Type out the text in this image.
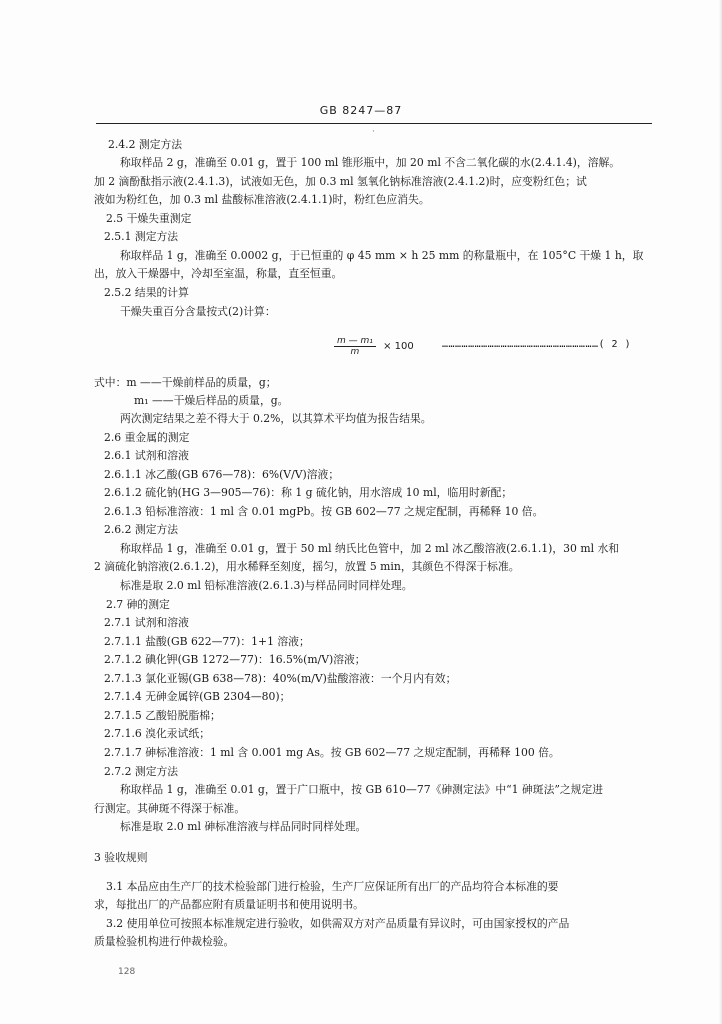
GB 8247—87
·
2.4.2 测定方法
称取样品 2 g，准确至 0.01 g，置于 100 ml 锥形瓶中，加 20 ml 不含二氧化碳的水(2.4.1.4)，溶解。
加 2 滴酚酞指示液(2.4.1.3)，试液如无色，加 0.3 ml 氢氧化钠标准溶液(2.4.1.2)时，应变粉红色；试
液如为粉红色，加 0.3 ml 盐酸标准溶液(2.4.1.1)时，粉红色应消失。
2.5 干燥失重测定
2.5.1 测定方法
称取样品 1 g，准确至 0.0002 g，于已恒重的 φ 45 mm × h 25 mm 的称量瓶中，在 105°C 干燥 1 h，取
出，放入干燥器中，冷却至室温，称量，直至恒重。
2.5.2 结果的计算
干燥失重百分含量按式(2)计算：
$\frac{\text{m — m₁}}{m} \times 100$	………………………………………………………………( 2 )
式中：m ——干燥前样品的质量，g；
m₁ ——干燥后样品的质量，g。
两次测定结果之差不得大于 0.2%，以其算术平均值为报告结果。
2.6 重金属的测定
2.6.1 试剂和溶液
2.6.1.1 冰乙酸(GB 676—78)：6%(V/V)溶液；
2.6.1.2 硫化钠(HG 3—905—76)：称 1 g 硫化钠，用水溶成 10 ml，临用时新配；
2.6.1.3 铅标准溶液：1 ml 含 0.01 mgPb。按 GB 602—77 之规定配制，再稀释 10 倍。
2.6.2 测定方法
称取样品 1 g，准确至 0.01 g，置于 50 ml 纳氏比色管中，加 2 ml 冰乙酸溶液(2.6.1.1)，30 ml 水和
2 滴硫化钠溶液(2.6.1.2)，用水稀释至刻度，摇匀，放置 5 min，其颜色不得深于标准。
标准是取 2.0 ml 铅标准溶液(2.6.1.3)与样品同时同样处理。
2.7 砷的测定
2.7.1 试剂和溶液
2.7.1.1 盐酸(GB 622—77)：1+1 溶液；
2.7.1.2 碘化钾(GB 1272—77)：16.5%(m/V)溶液；
2.7.1.3 氯化亚锡(GB 638—78)：40%(m/V)盐酸溶液：一个月内有效；
2.7.1.4 无砷金属锌(GB 2304—80)；
2.7.1.5 乙酸铅脱脂棉；
2.7.1.6 溴化汞试纸；
2.7.1.7 砷标准溶液：1 ml 含 0.001 mg As。按 GB 602—77 之规定配制，再稀释 100 倍。
2.7.2 测定方法
称取样品 1 g，准确至 0.01 g，置于广口瓶中，按 GB 610—77《砷测定法》中“1 砷斑法”之规定进
行测定。其砷斑不得深于标准。
标准是取 2.0 ml 砷标准溶液与样品同时同样处理。
3 验收规则
3.1 本品应由生产厂的技术检验部门进行检验，生产厂应保证所有出厂的产品均符合本标准的要
求，每批出厂的产品都应附有质量证明书和使用说明书。
3.2 使用单位可按照本标准规定进行验收，如供需双方对产品质量有异议时，可由国家授权的产品
质量检验机构进行仲裁检验。
128
